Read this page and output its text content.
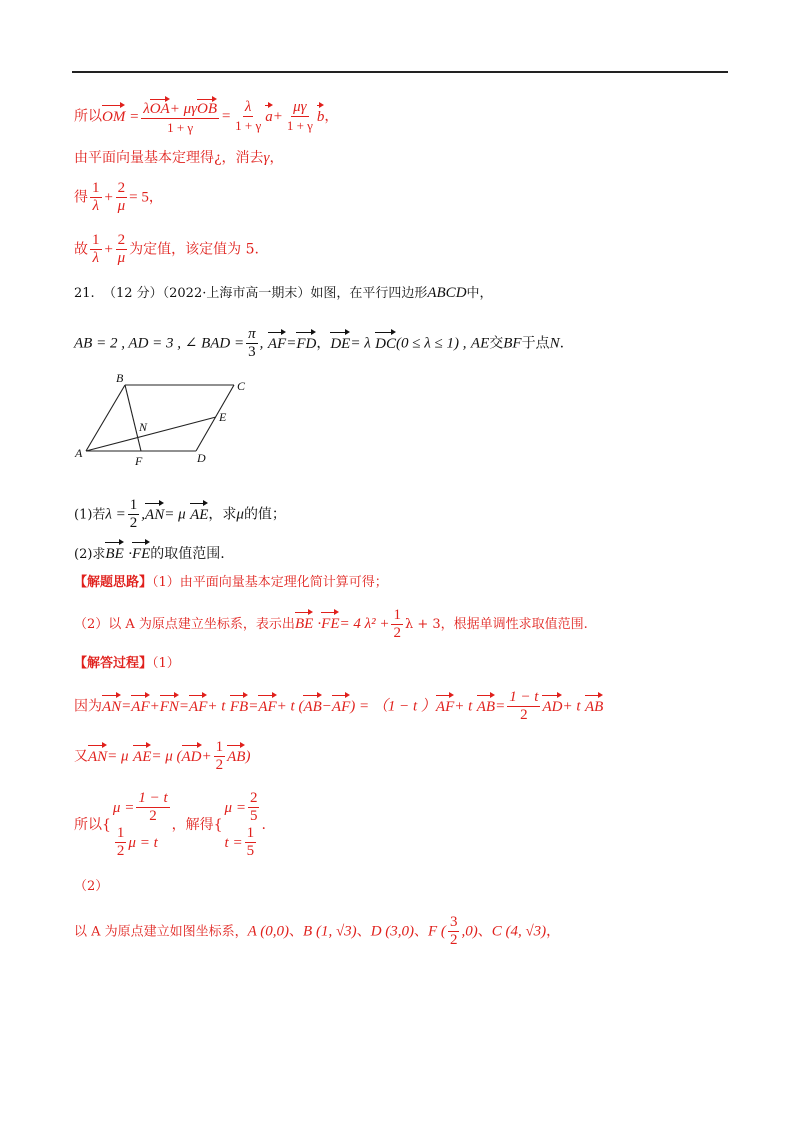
所以OM = $\frac{\text{λOA+ μγOB}}{1 + \gamma} = \frac{\lambda}{1 + \gamma} a+ \frac{\mu\gamma}{1 + \gamma}$ b，
由平面向量基本定理得¿，消去γ，
得 $\frac{1}{\lambda} + \frac{2}{\mu} = 5$，
故 $\frac{1}{\lambda} + \frac{2}{\mu}$ 为定值，该定值为 5.
21. （12 分）（2022·上海市高一期末）如图，在平行四边形ABCD中，
AB = 2 , AD = 3 , ∠ BAD = $\frac{\pi}{3}$ , AF=FD，DE= λ DC(0 ≤ λ ≤ 1) , AE交BF于点N.
A
B
C
D
E
F
N
(1)若$\lambda = \frac{1}{2} ,AN= \mu$ AE，求μ的值；
(2)求BE ·FE的取值范围.
【解题思路】（1）由平面向量基本定理化简计算可得；
（2）以 A 为原点建立坐标系，表示出BE ·FE= 4 $\lambda^2 + \frac{1}{2}$ λ + 3，根据单调性求取值范围.
【解答过程】（1）
因为AN=AF+FN=AF+ t FB=AF+ t (AB−AF) = （1 − t ）AF+ t $AB= \frac{1 - t}{2} AD+ t$ AB
又AN= μ AE= μ $(AD+ \frac{1}{2} AB)$
所以{
$\mu = \frac{1 - t}{2}$
$\frac{1}{2}$ μ = t
，解得{
$\mu = \frac{2}{5}$
$t = \frac{1}{5}$ .
（2）
以 A 为原点建立如图坐标系，A (0,0)、B (1, √3)、D (3,0)、F ( $\frac{3}{2} ,0$)、C (4, √3)，
